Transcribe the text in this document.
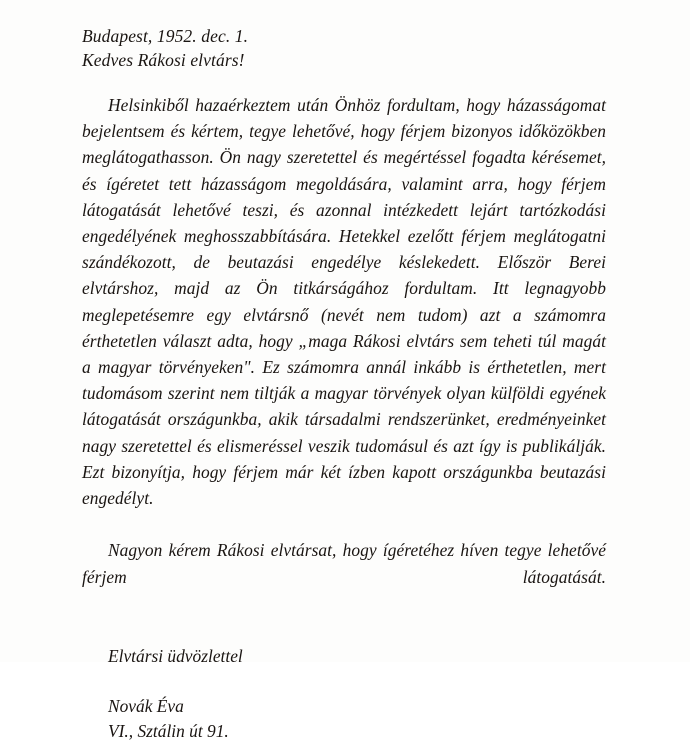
Budapest, 1952. dec. 1.
Kedves Rákosi elvtárs!

Helsinkiből hazaérkeztem után Önhöz fordultam, hogy házasságomat bejelentsem és kértem, tegye lehetővé, hogy férjem bizonyos időközökben meglátogathasson. Ön nagy szeretettel és megértéssel fogadta kérésemet, és ígéretet tett házasságom megoldására, valamint arra, hogy férjem látogatását lehetővé teszi, és azonnal intézkedett lejárt tartózkodási engedélyének meghosszabbítására. Hetekkel ezelőtt férjem meglátogatni szándékozott, de beutazási engedélye késlekedett. Először Berei elvtárshoz, majd az Ön titkárságához fordultam. Itt legnagyobb meglepetésemre egy elvtársnő (nevét nem tudom) azt a számomra érthetetlen választ adta, hogy „maga Rákosi elvtárs sem teheti túl magát a magyar törvényeken". Ez számomra annál inkább is érthetetlen, mert tudomásom szerint nem tiltják a magyar törvények olyan külföldi egyének látogatását országunkba, akik társadalmi rendszerünket, eredményeinket nagy szeretettel és elismeréssel veszik tudomásul és azt így is publikálják. Ezt bizonyítja, hogy férjem már két ízben kapott országunkba beutazási engedélyt.

Nagyon kérem Rákosi elvtársat, hogy ígéretéhez híven tegye lehetővé férjem látogatását.

Elvtársi üdvözlettel

Novák Éva

VI., Sztálin út 91.
